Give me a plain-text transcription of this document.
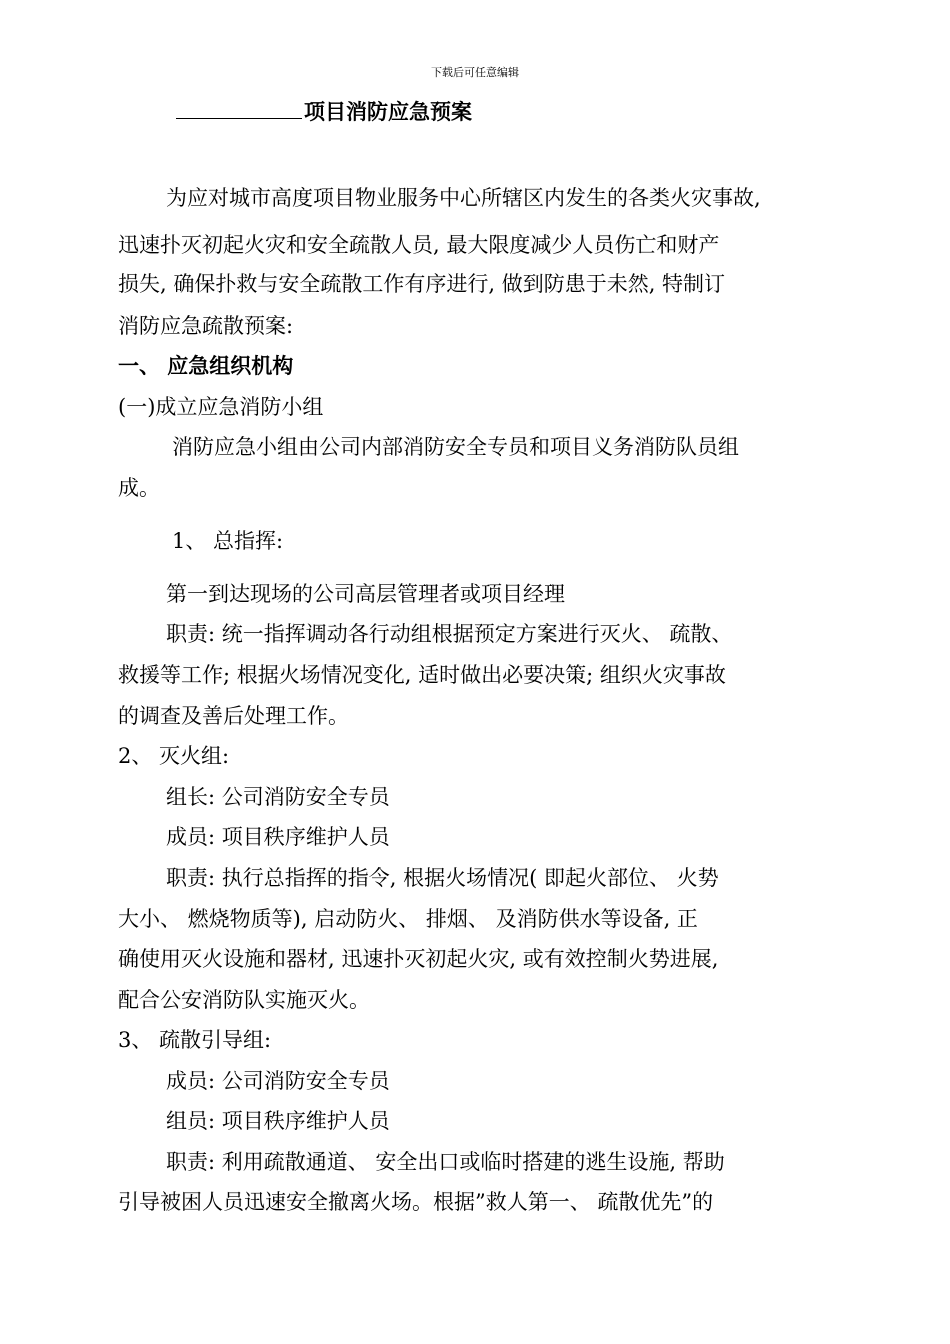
下载后可任意编辑
项目消防应急预案
为应对城市高度项目物业服务中心所辖区内发生的各类火灾事故,
迅速扑灭初起火灾和安全疏散人员, 最大限度减少人员伤亡和财产
损失, 确保扑救与安全疏散工作有序进行, 做到防患于未然, 特制订
消防应急疏散预案:
一、 应急组织机构
(一)成立应急消防小组
消防应急小组由公司内部消防安全专员和项目义务消防队员组
成。
1、 总指挥:
第一到达现场的公司高层管理者或项目经理
职责: 统一指挥调动各行动组根据预定方案进行灭火、 疏散、
救援等工作; 根据火场情况变化, 适时做出必要决策; 组织火灾事故
的调查及善后处理工作。
2、 灭火组:
组长: 公司消防安全专员
成员: 项目秩序维护人员
职责: 执行总指挥的指令, 根据火场情况( 即起火部位、 火势
大小、 燃烧物质等), 启动防火、 排烟、 及消防供水等设备, 正
确使用灭火设施和器材, 迅速扑灭初起火灾, 或有效控制火势进展,
配合公安消防队实施灭火。
3、 疏散引导组:
成员: 公司消防安全专员
组员: 项目秩序维护人员
职责: 利用疏散通道、 安全出口或临时搭建的逃生设施, 帮助
引导被困人员迅速安全撤离火场。根据”救人第一、 疏散优先”的
